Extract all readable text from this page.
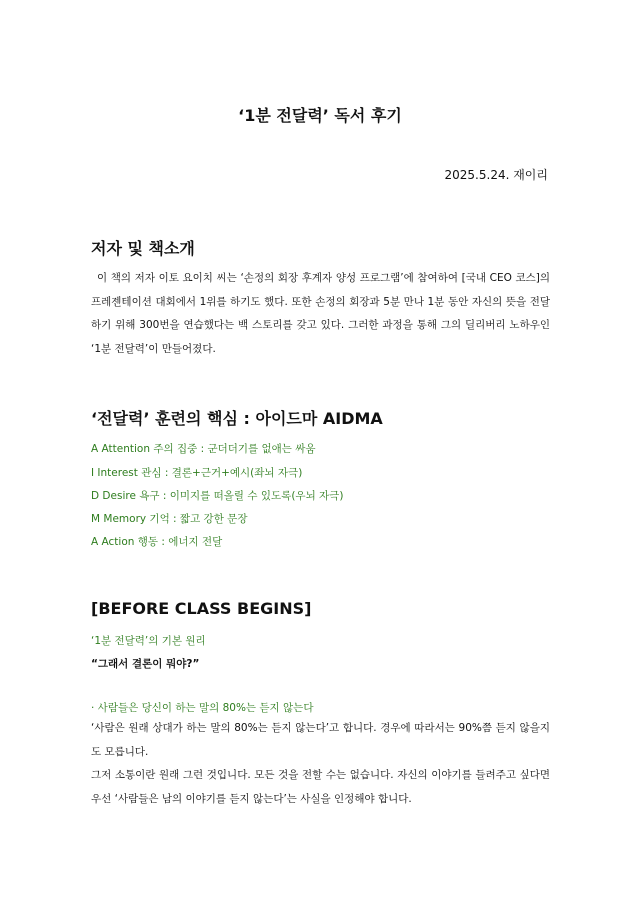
‘1분 전달력’ 독서 후기
2025.5.24. 재이리
저자 및 책소개

이 책의 저자 이토 요이치 씨는 ‘손정의 회장 후계자 양성 프로그램’에 참여하여 [국내 CEO 코스]의 프레젠테이션 대회에서 1위를 하기도 했다. 또한 손정의 회장과 5분 만나 1분 동안 자신의 뜻을 전달하기 위해 300번을 연습했다는 백 스토리를 갖고 있다. 그러한 과정을 통해 그의 딜리버리 노하우인 ‘1분 전달력’이 만들어졌다.

‘전달력’ 훈련의 핵심 : 아이드마 AIDMA
A Attention 주의 집중 : 군더더기를 없애는 싸움
I Interest 관심 : 결론+근거+예시(좌뇌 자극)
D Desire 욕구 : 이미지를 떠올릴 수 있도록(우뇌 자극)
M Memory 기억 : 짧고 강한 문장
A Action 행동 : 에너지 전달
[BEFORE CLASS BEGINS]
‘1분 전달력’의 기본 원리
“그래서 결론이 뭐야?”
· 사람들은 당신이 하는 말의 80%는 듣지 않는다

‘사람은 원래 상대가 하는 말의 80%는 듣지 않는다’고 합니다. 경우에 따라서는 90%쯤 듣지 않을지도 모릅니다.

그저 소통이란 원래 그런 것입니다. 모든 것을 전할 수는 없습니다. 자신의 이야기를 들려주고 싶다면 우선 ‘사람들은 남의 이야기를 듣지 않는다’는 사실을 인정해야 합니다.
